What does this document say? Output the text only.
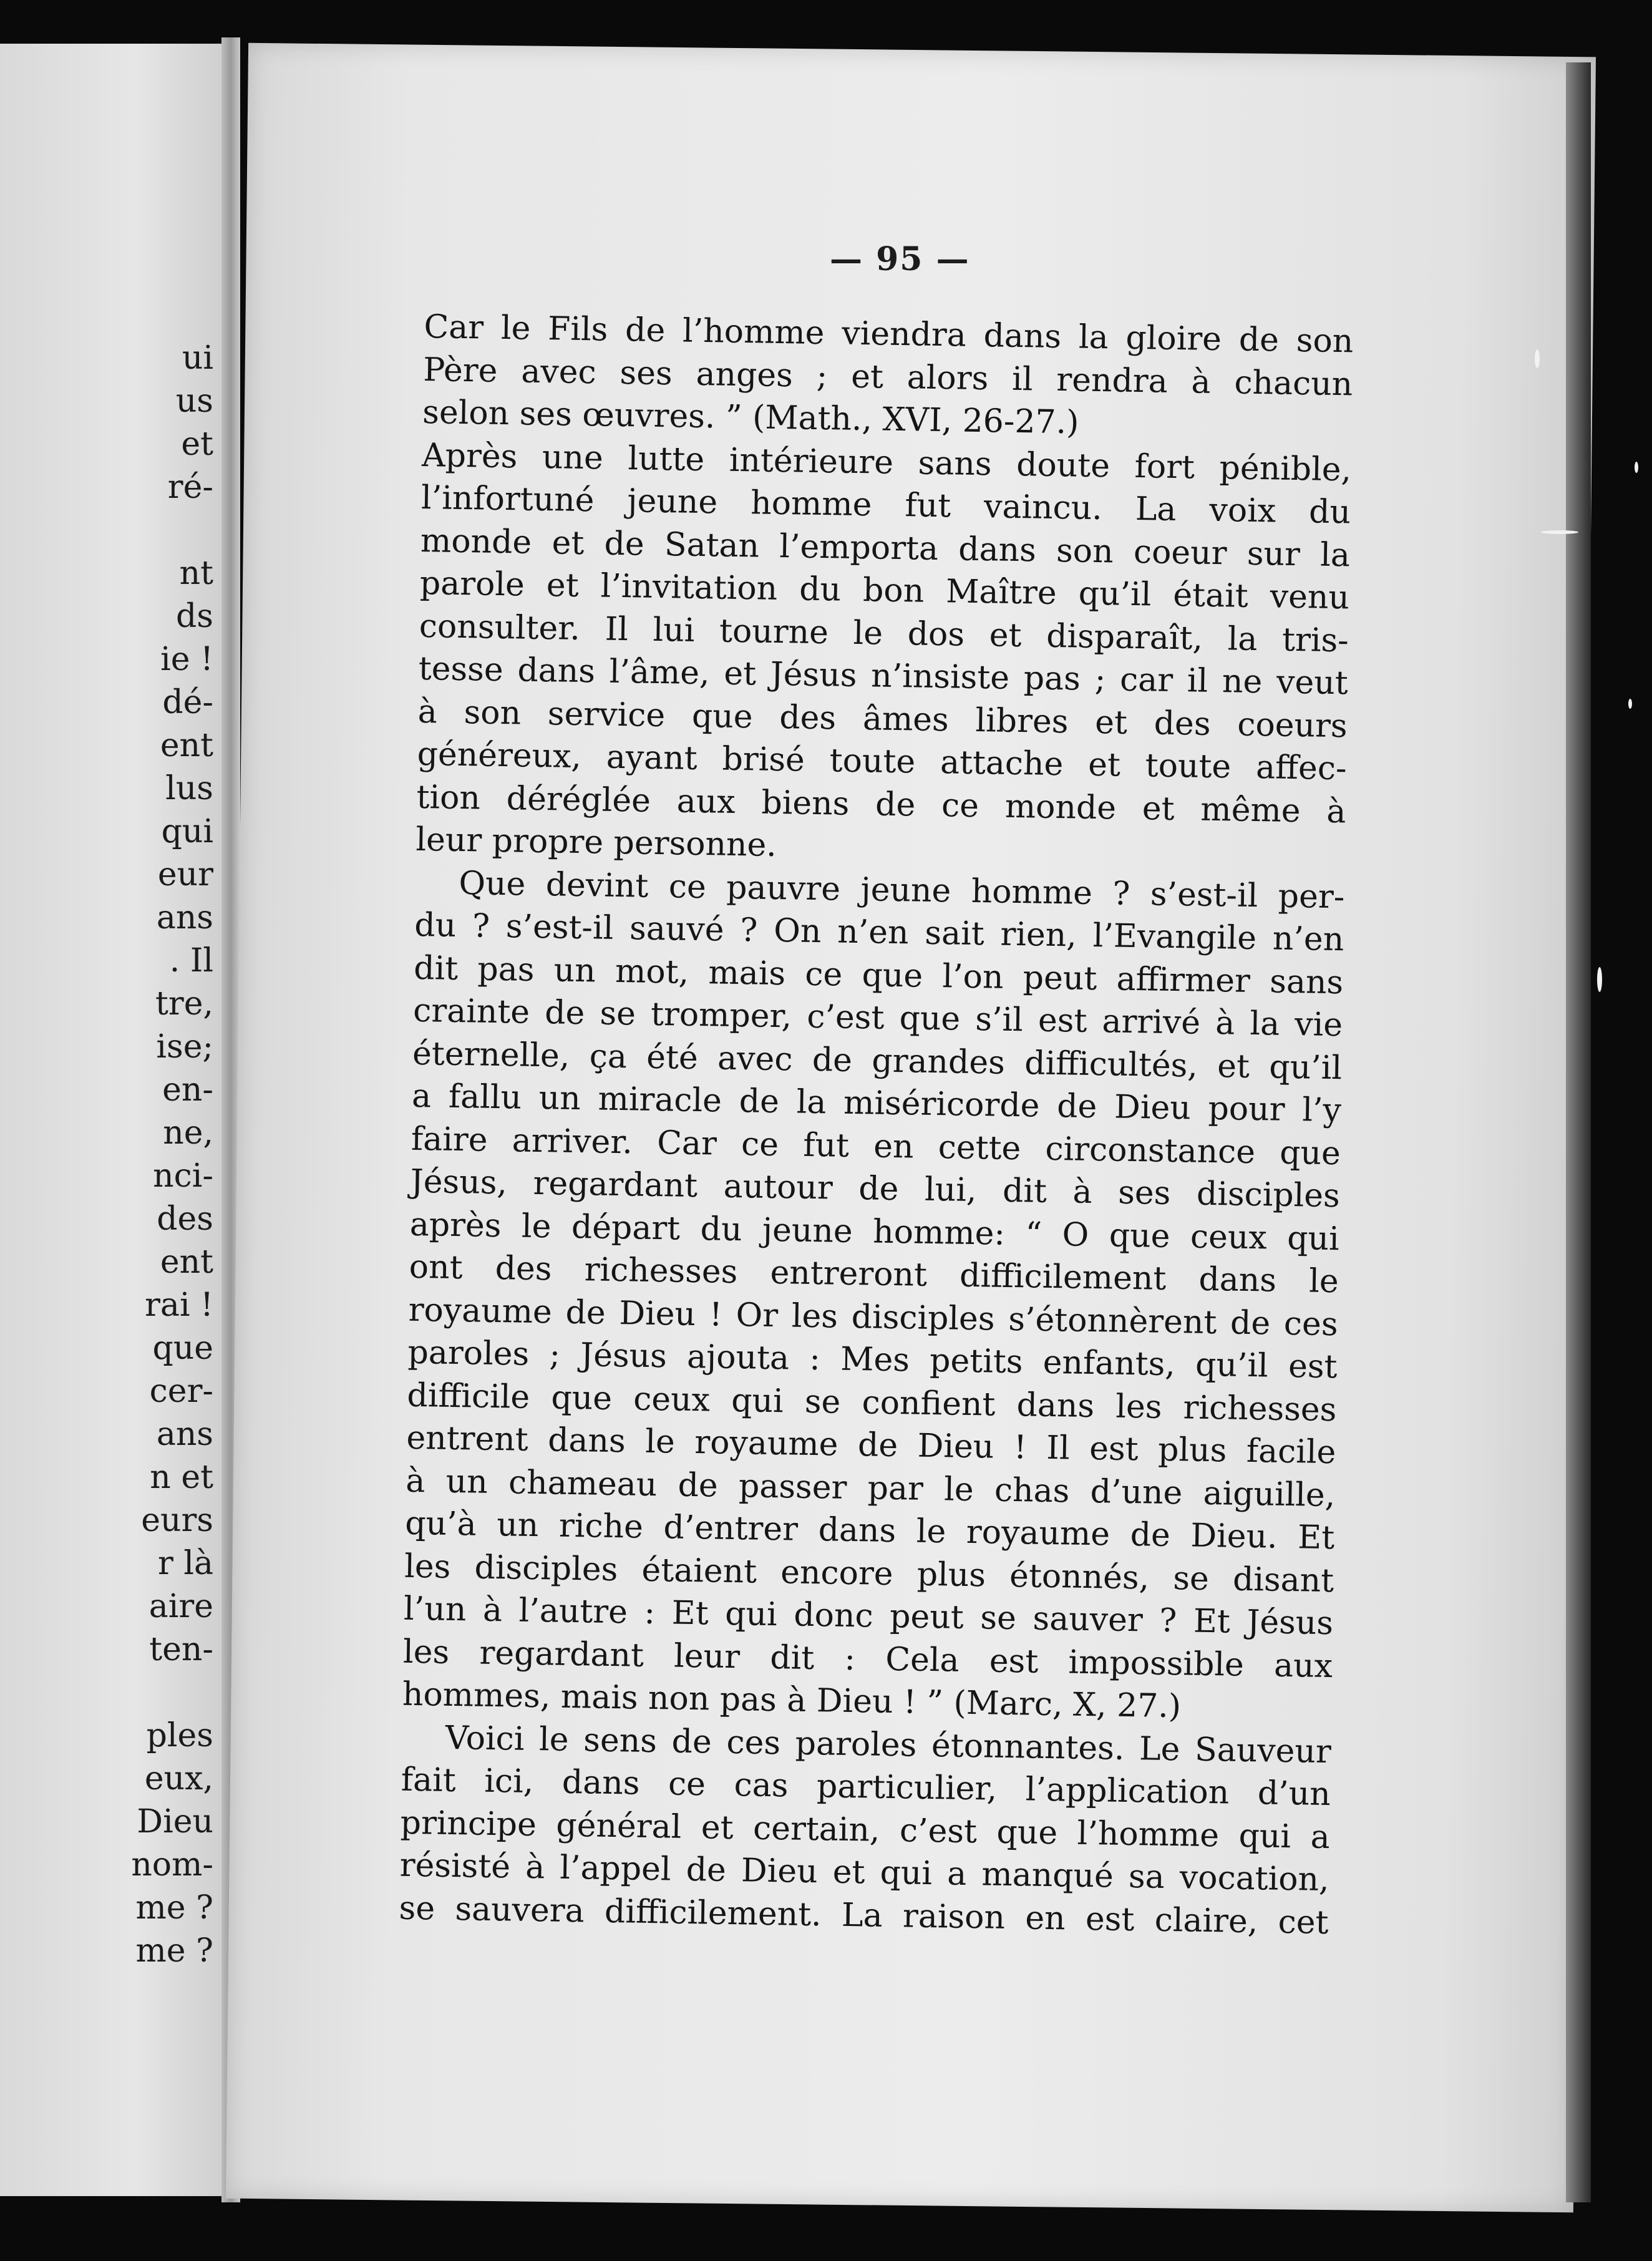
ui
us
et
ré-

nt
ds
ie !
dé-
ent
lus
qui
eur
ans
. Il
tre,
ise;
en-
ne,
nci-
des
ent
rai !
que
cer-
ans
n et
eurs
r là
aire
ten-

ples
eux,
Dieu
nom-
me ?
me ?
— 95 —
Car le Fils de l’homme viendra dans la gloire de son
Père avec ses anges ; et alors il rendra à chacun
selon ses œuvres. ” (Math., XVI, 26-27.)
Après une lutte intérieure sans doute fort pénible,
l’infortuné jeune homme fut vaincu. La voix du
monde et de Satan l’emporta dans son coeur sur la
parole et l’invitation du bon Maître qu’il était venu
consulter. Il lui tourne le dos et disparaît, la tris-
tesse dans l’âme, et Jésus n’insiste pas ; car il ne veut
à son service que des âmes libres et des coeurs
généreux, ayant brisé toute attache et toute affec-
tion déréglée aux biens de ce monde et même à
leur propre personne.
Que devint ce pauvre jeune homme ? s’est-il per-
du ? s’est-il sauvé ? On n’en sait rien, l’Evangile n’en
dit pas un mot, mais ce que l’on peut affirmer sans
crainte de se tromper, c’est que s’il est arrivé à la vie
éternelle, ça été avec de grandes difficultés, et qu’il
a fallu un miracle de la miséricorde de Dieu pour l’y
faire arriver. Car ce fut en cette circonstance que
Jésus, regardant autour de lui, dit à ses disciples
après le départ du jeune homme: “ O que ceux qui
ont des richesses entreront difficilement dans le
royaume de Dieu ! Or les disciples s’étonnèrent de ces
paroles ; Jésus ajouta : Mes petits enfants, qu’il est
difficile que ceux qui se confient dans les richesses
entrent dans le royaume de Dieu ! Il est plus facile
à un chameau de passer par le chas d’une aiguille,
qu’à un riche d’entrer dans le royaume de Dieu. Et
les disciples étaient encore plus étonnés, se disant
l’un à l’autre : Et qui donc peut se sauver ? Et Jésus
les regardant leur dit : Cela est impossible aux
hommes, mais non pas à Dieu ! ” (Marc, X, 27.)
Voici le sens de ces paroles étonnantes. Le Sauveur
fait ici, dans ce cas particulier, l’application d’un
principe général et certain, c’est que l’homme qui a
résisté à l’appel de Dieu et qui a manqué sa vocation,
se sauvera difficilement. La raison en est claire, cet
